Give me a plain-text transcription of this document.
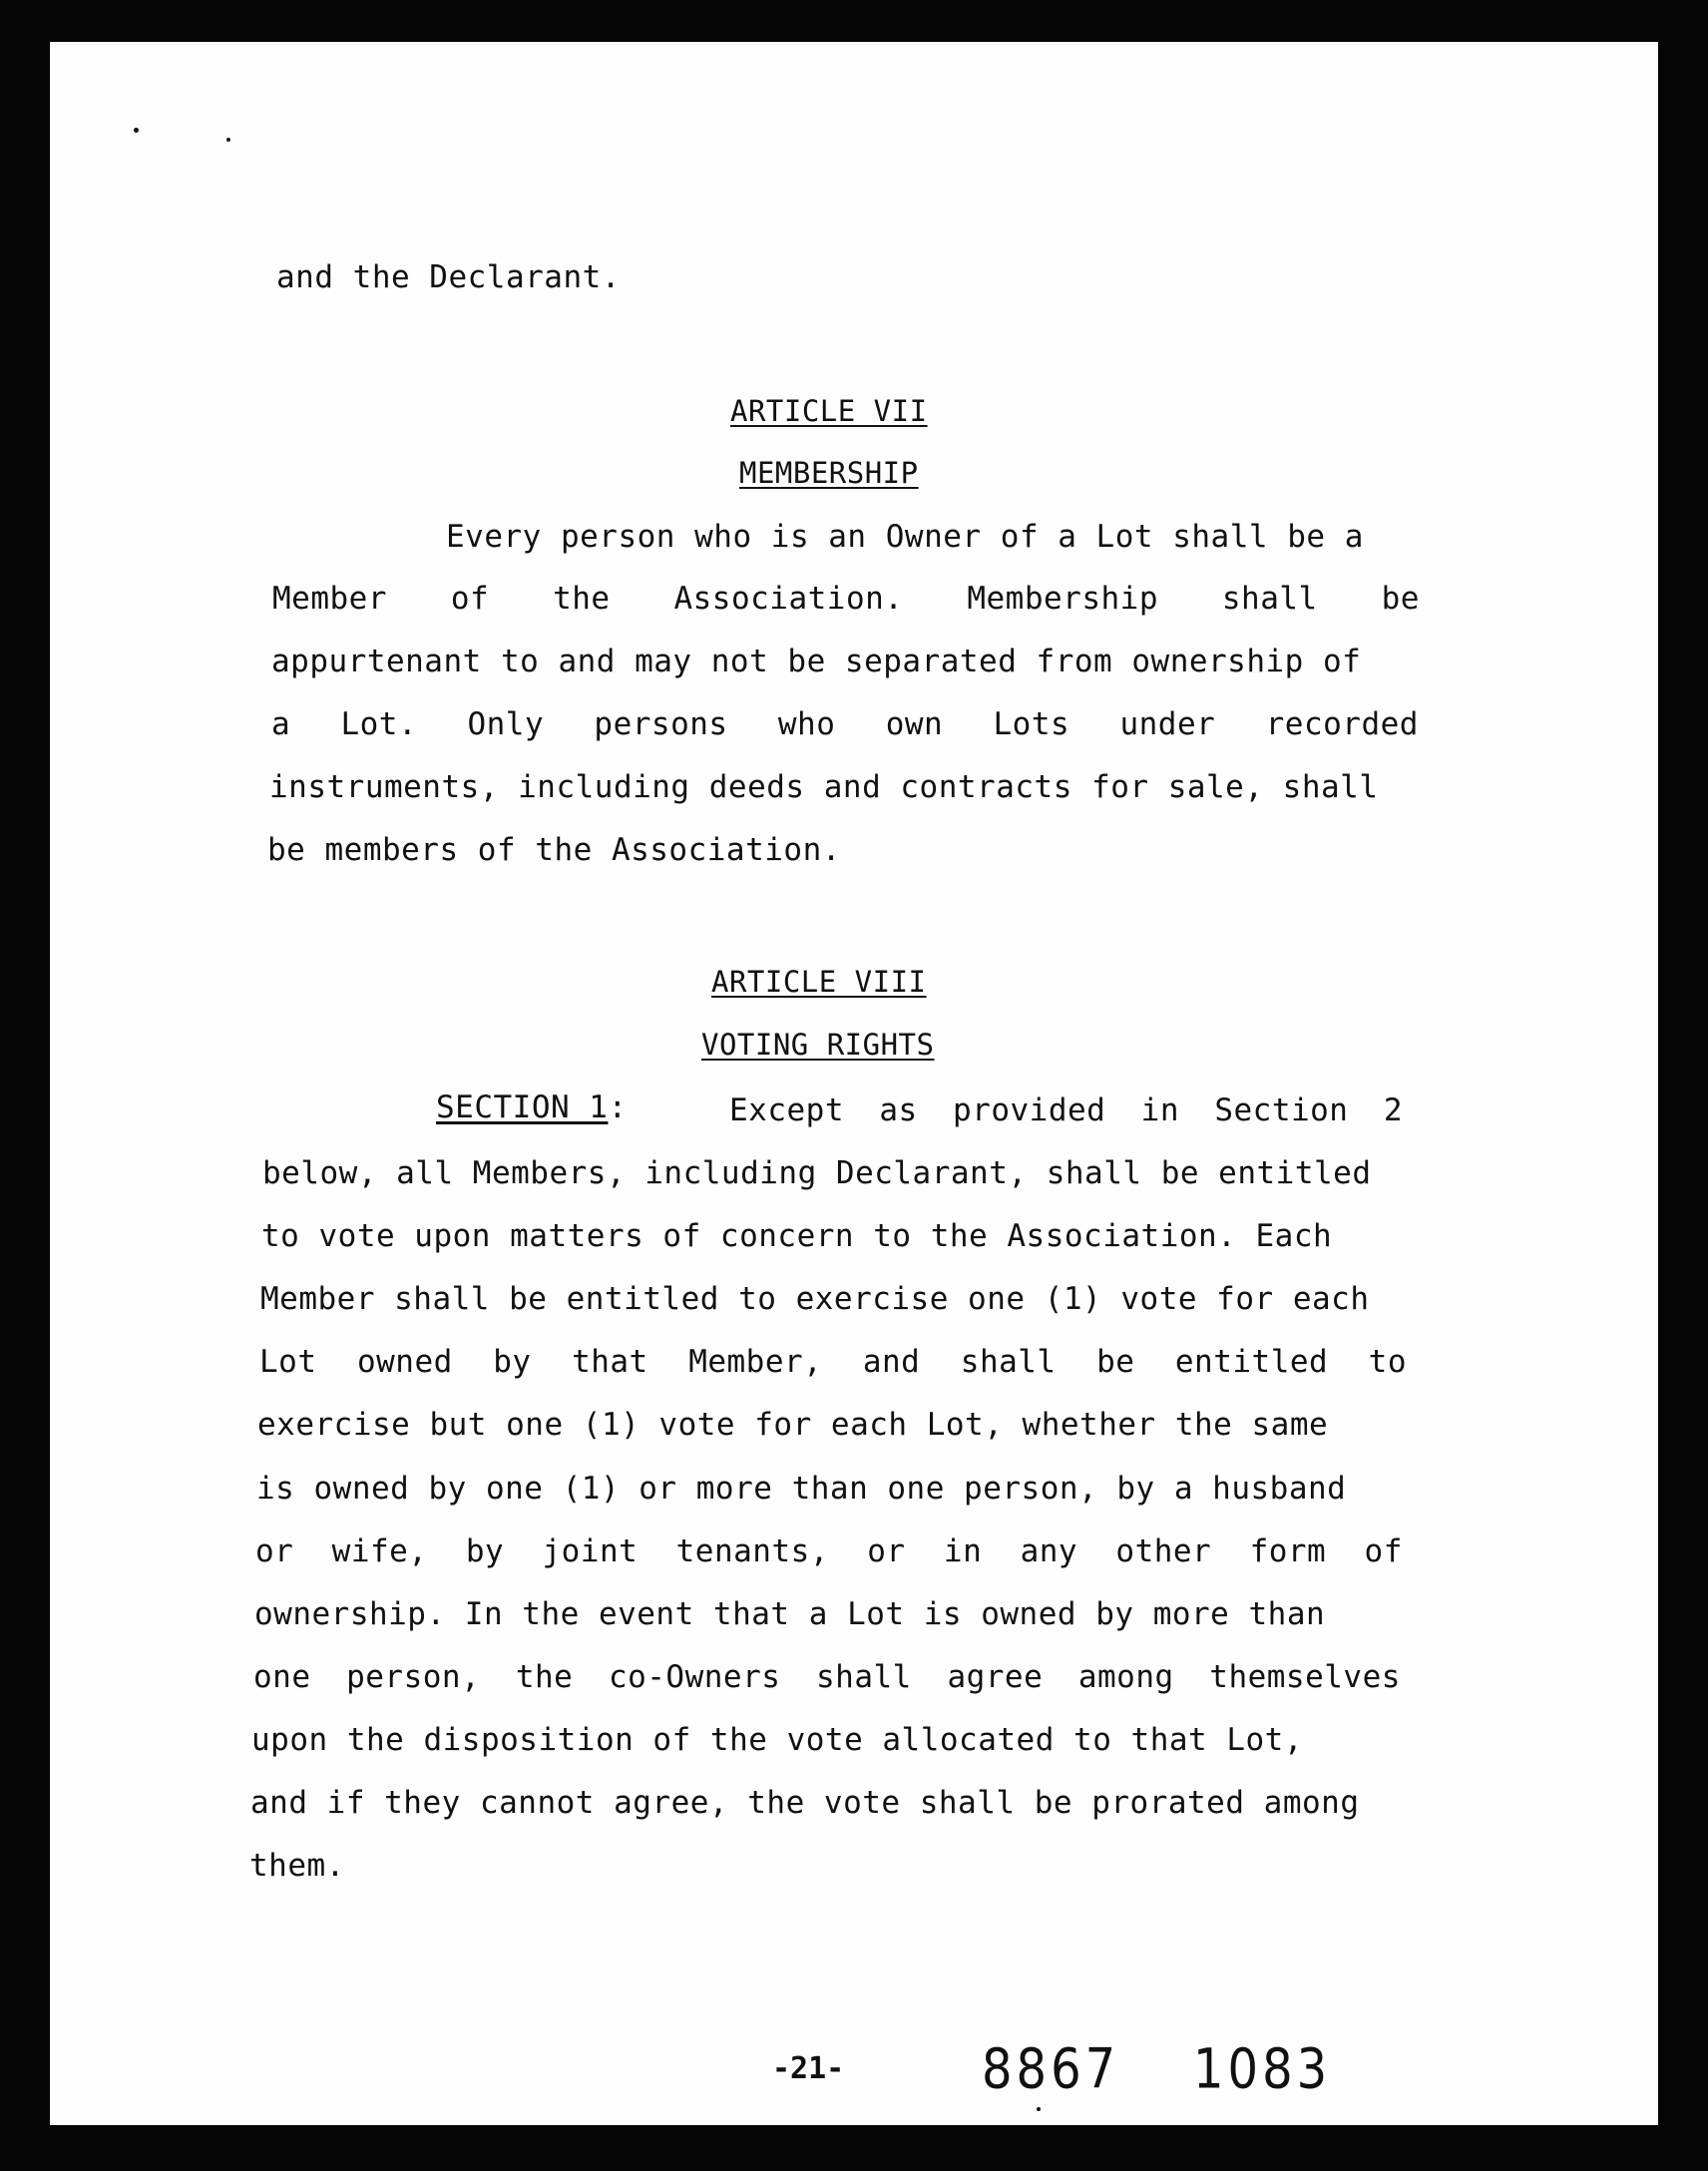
and the Declarant.
ARTICLE VII
MEMBERSHIP
Every person who is an Owner of a Lot shall be a
Member of the Association. Membership shall be
appurtenant to and may not be separated from ownership of
a Lot. Only persons who own Lots under recorded
instruments, including deeds and contracts for sale, shall
be members of the Association.
ARTICLE VIII
VOTING RIGHTS
SECTION 1:	Except as provided in Section 2
below, all Members, including Declarant, shall be entitled
to vote upon matters of concern to the Association. Each
Member shall be entitled to exercise one (1) vote for each
Lot owned by that Member, and shall be entitled to
exercise but one (1) vote for each Lot, whether the same
is owned by one (1) or more than one person, by a husband
or wife, by joint tenants, or in any other form of
ownership. In the event that a Lot is owned by more than
one person, the co-Owners shall agree among themselves
upon the disposition of the vote allocated to that Lot,
and if they cannot agree, the vote shall be prorated among
them.
-21-	8867 1083
